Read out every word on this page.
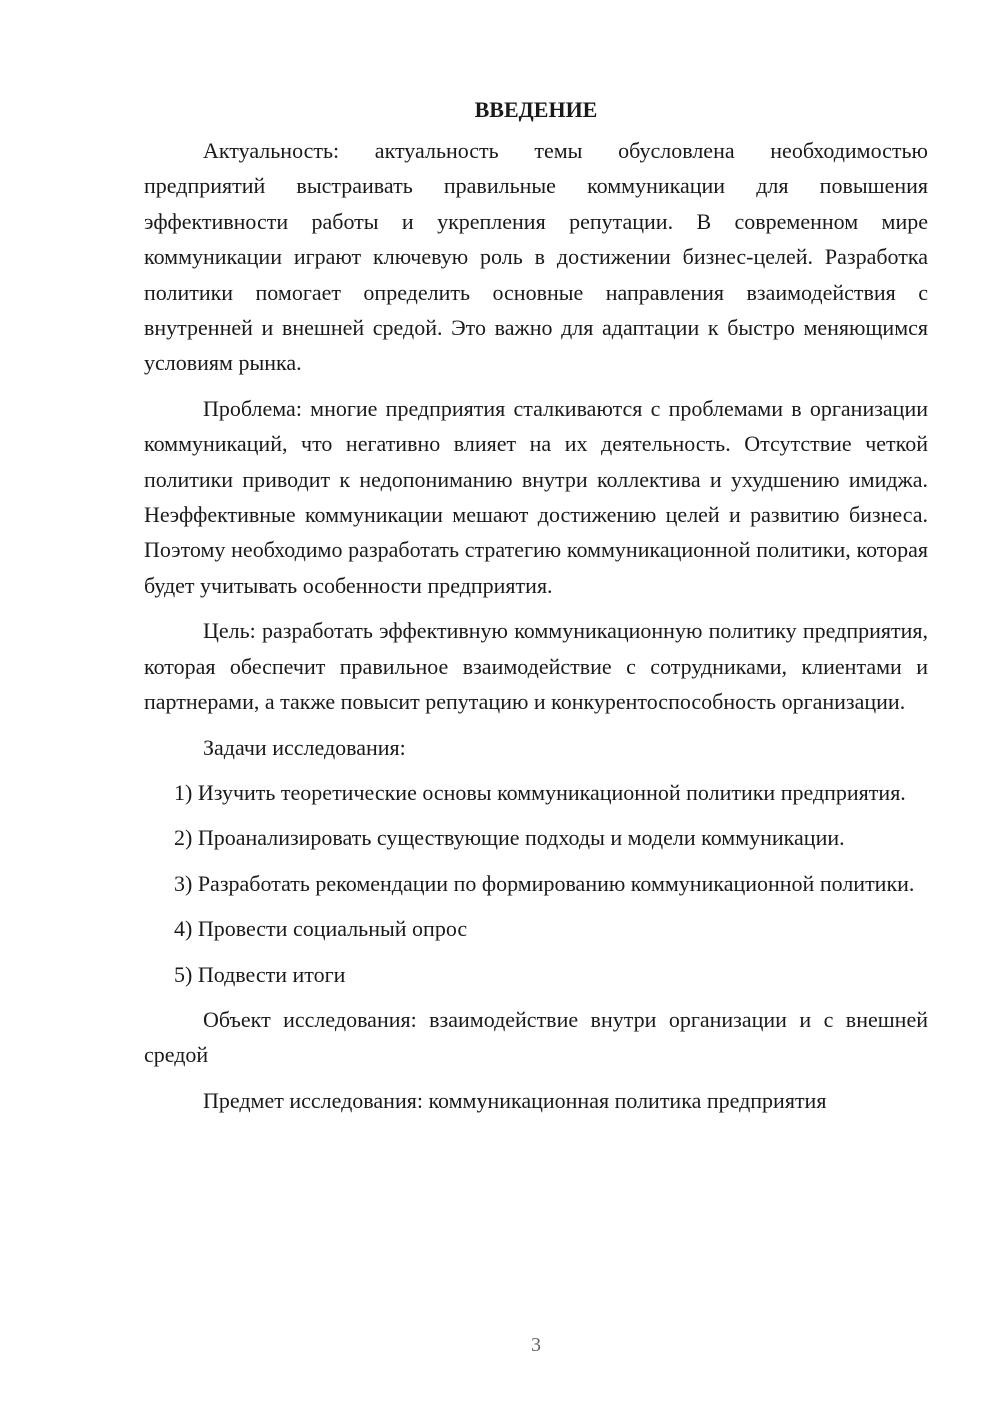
ВВЕДЕНИЕ

Актуальность: актуальность темы обусловлена необходимостью предприятий выстраивать правильные коммуникации для повышения эффективности работы и укрепления репутации. В современном мире коммуникации играют ключевую роль в достижении бизнес-целей. Разработка политики помогает определить основные направления взаимодействия с внутренней и внешней средой. Это важно для адаптации к быстро меняющимся условиям рынка.

Проблема: многие предприятия сталкиваются с проблемами в организации коммуникаций, что негативно влияет на их деятельность. Отсутствие четкой политики приводит к недопониманию внутри коллектива и ухудшению имиджа. Неэффективные коммуникации мешают достижению целей и развитию бизнеса. Поэтому необходимо разработать стратегию коммуникационной политики, которая будет учитывать особенности предприятия.

Цель: разработать эффективную коммуникационную политику предприятия, которая обеспечит правильное взаимодействие с сотрудниками, клиентами и партнерами, а также повысит репутацию и конкурентоспособность организации.

Задачи исследования:

1) Изучить теоретические основы коммуникационной политики предприятия.

2) Проанализировать существующие подходы и модели коммуникации.

3) Разработать рекомендации по формированию коммуникационной политики.

4) Провести социальный опрос

5) Подвести итоги

Объект исследования: взаимодействие внутри организации и с внешней средой

Предмет исследования: коммуникационная политика предприятия

3
